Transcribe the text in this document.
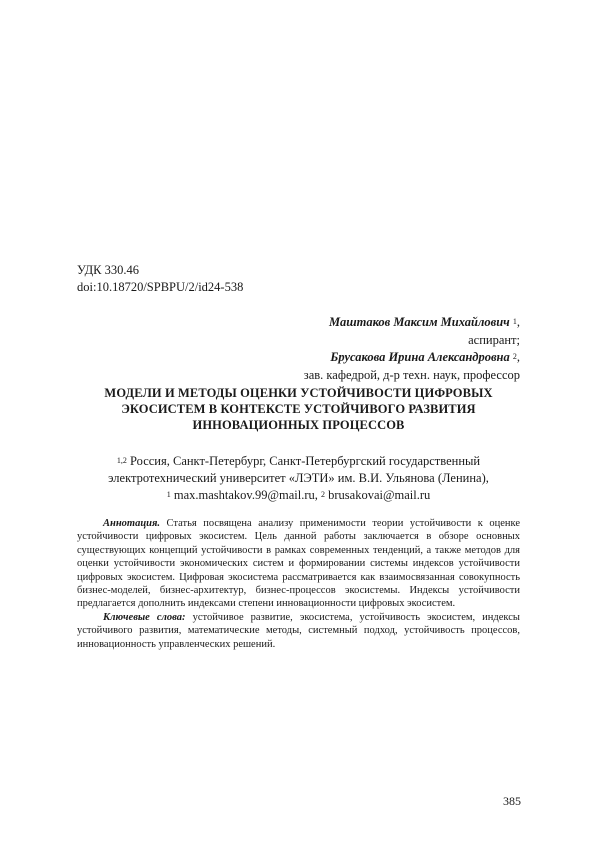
УДК 330.46
doi:10.18720/SPBPU/2/id24-538
Маштаков Максим Михайлович $^1$,
аспирант;
Брусакова Ирина Александровна $^2$,
зав. кафедрой, д-р техн. наук, профессор
МОДЕЛИ И МЕТОДЫ ОЦЕНКИ УСТОЙЧИВОСТИ ЦИФРОВЫХ
ЭКОСИСТЕМ В КОНТЕКСТЕ УСТОЙЧИВОГО РАЗВИТИЯ
ИННОВАЦИОННЫХ ПРОЦЕССОВ
$^{1,2}$ Россия, Санкт-Петербург, Санкт-Петербургский государственный
электротехнический университет «ЛЭТИ» им. В.И. Ульянова (Ленина),
$^1$ max.mashtakov.99@mail.ru, $^2$ brusakovai@mail.ru

Аннотация. Статья посвящена анализу применимости теории устойчивости к оценке устойчивости цифровых экосистем. Цель данной работы заключается в обзоре основных существующих концепций устойчивости в рамках современных тенденций, а также методов для оценки устойчивости экономических систем и формировании системы индексов устойчивости цифровых экосистем. Цифровая экосистема рассматривается как взаимосвязанная совокупность бизнес-моделей, бизнес-архитектур, бизнес-процессов экосистемы. Индексы устойчивости предлагается дополнить индексами степени инновационности цифровых экосистем.

Ключевые слова: устойчивое развитие, экосистема, устойчивость экосистем, индексы устойчивого развития, математические методы, системный подход, устойчивость процессов, инновационность управленческих решений.

385
